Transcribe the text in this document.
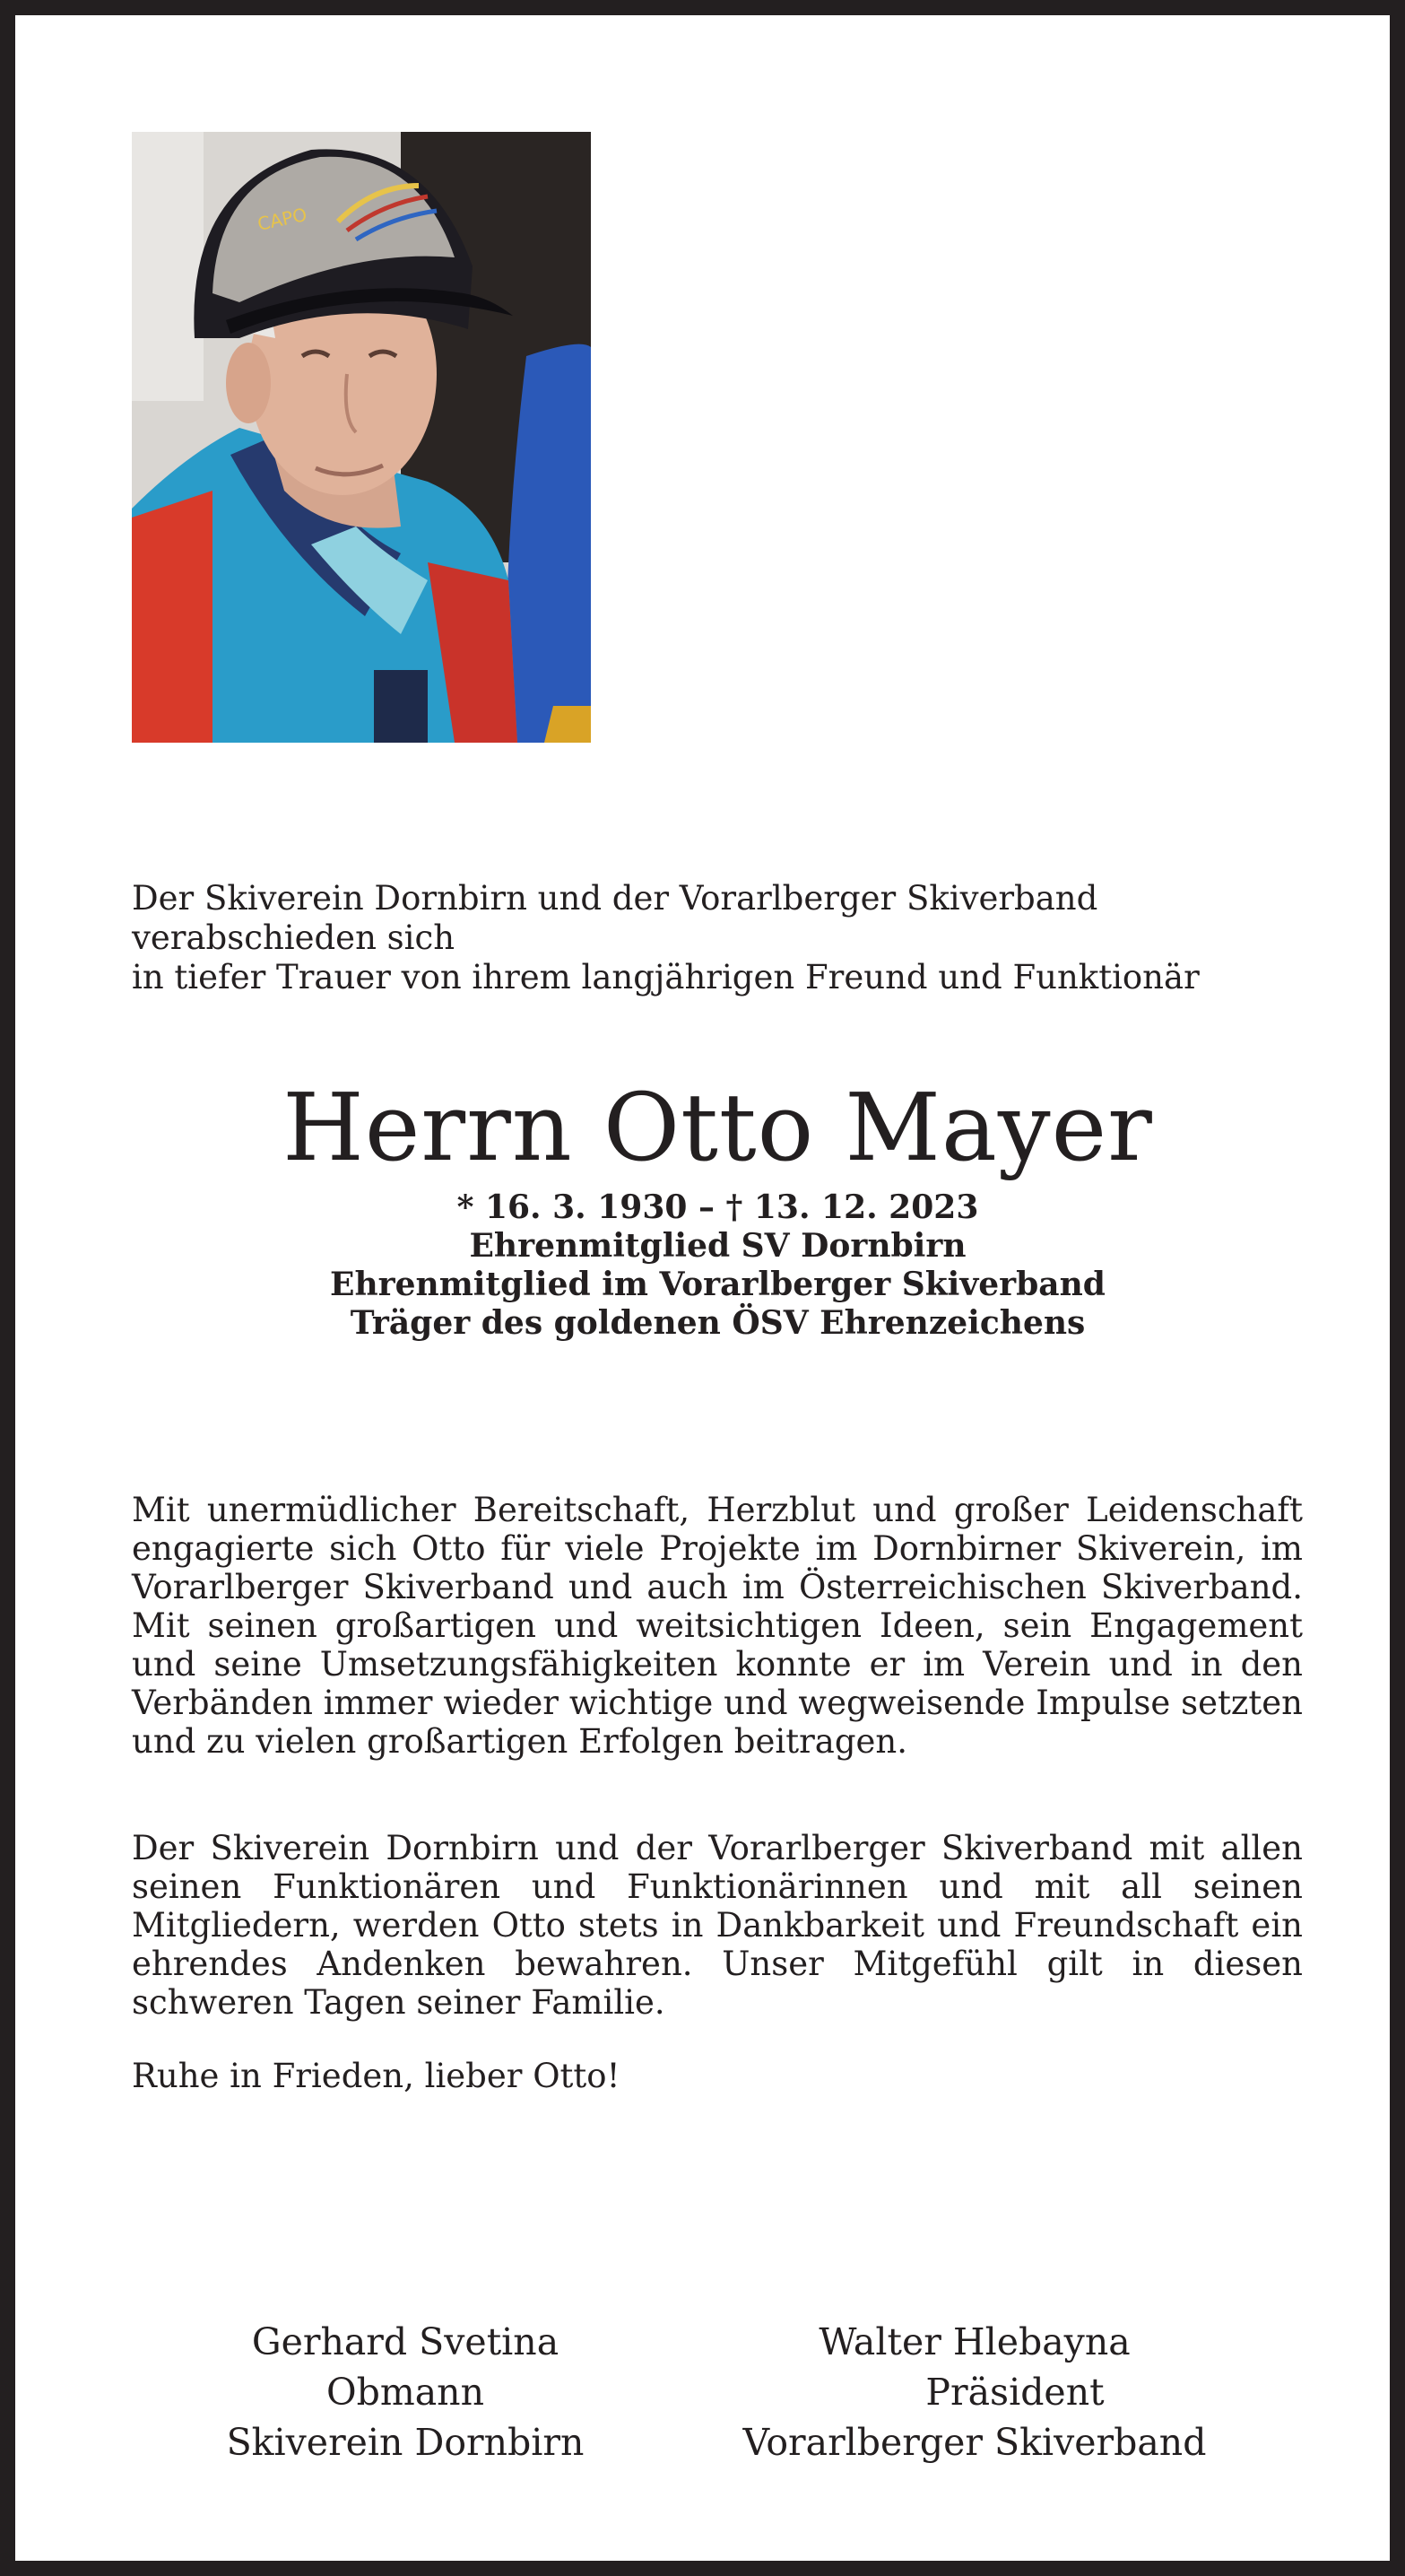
CAPO
Der Skiverein Dornbirn und der Vorarlberger Skiverband verabschieden sich
in tiefer Trauer von ihrem langjährigen Freund und Funktionär
Herrn Otto Mayer
* 16. 3. 1930 – † 13. 12. 2023
Ehrenmitglied SV Dornbirn
Ehrenmitglied im Vorarlberger Skiverband
Träger des goldenen ÖSV Ehrenzeichens
Mit unermüdlicher Bereitschaft, Herzblut und großer Leidenschaft engagierte sich Otto für viele Projekte im Dornbirner Skiverein, im Vorarlberger Skiverband und auch im Österreichischen Skiverband. Mit seinen großartigen und weitsichtigen Ideen, sein Engagement und seine Umsetzungsfähigkeiten konnte er im Verein und in den Verbänden immer wieder wichtige und wegweisende Impulse setzten und zu vielen großartigen Erfolgen beitragen.
Der Skiverein Dornbirn und der Vorarlberger Skiverband mit allen seinen Funktionären und Funktionärinnen und mit all seinen Mitgliedern, werden Otto stets in Dankbarkeit und Freundschaft ein ehrendes Andenken bewahren. Unser Mitgefühl gilt in diesen schweren Tagen seiner Familie.
Ruhe in Frieden, lieber Otto!
Gerhard Svetina
Obmann
Skiverein Dornbirn
Walter Hlebayna
Präsident
Vorarlberger Skiverband
